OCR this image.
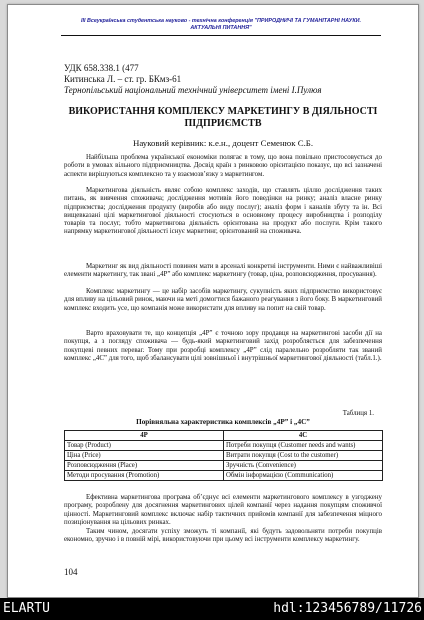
ІІІ Всеукраїнська студентська науково - технічна конференція "ПРИРОДНИЧІ ТА ГУМАНІТАРНІ НАУКИ.
АКТУАЛЬНІ ПИТАННЯ"
УДК 658.338.1 (477
Китинська Л. – ст. гр. БКмз-61
Тернопільський національний технічний університет імені І.Пулюя
ВИКОРИСТАННЯ КОМПЛЕКСУ МАРКЕТИНГУ В ДІЯЛЬНОСТІ
ПІДПРИЄМСТВ
Науковий керівник: к.е.н., доцент Семенюк С.Б.

Найбільша проблема української економіки полягає в тому, що вона повільно пристосовується до роботи в умовах вільного підприємництва. Досвід країн з ринковою орієнтацією показує, що всі зазначені аспекти вирішуються комплексно та у взаємозв’язку з маркетингом.

Маркетингова діяльність являє собою комплекс заходів, що ставлять ціллю дослідження таких питань, як вивчення споживача; дослідження мотивів його поведінки на ринку; аналіз власне ринку підприємства; дослідження продукту (виробів або виду послуг); аналіз форм і каналів збуту та ін. Всі вищевказані цілі маркетингової діяльності стосуються в основному процесу виробництва і розподілу товарів та послуг, тобто маркетингова діяльність орієнтована на продукт або послуги. Крім такого напрямку маркетингової діяльності існує маркетинг, орієнтований на споживача.

Маркетинг як вид діяльності повинен мати в арсеналі конкретні інструменти. Ними є найважливіші елементи маркетингу, так звані „4P” або комплекс маркетингу (товар, ціна, розповсюдження, просування).

Комплекс маркетингу — це набір засобів маркетингу, сукупність яких підприємство використовує для впливу на цільовий ринок, маючи на меті домогтися бажаного реагування з його боку. В маркетинговий комплекс входить усе, що компанія може використати для впливу на попит на свій товар.

Варто враховувати те, що концепція „4P” є точною зору продавця на маркетингові засоби дії на покупця, а з погляду споживача — будь-який маркетинговий захід розробляється для забезпечення покупцеві певних переваг. Тому при розробці комплексу „4P” слід паралельно розробляти так званий комплекс „4C” для того, щоб збалансувати цілі зовнішньої і внутрішньої маркетингової діяльності (табл.1.).

Таблиця 1.
Порівняльна характеристика комплексів „4Р” і „4С”
4Р	4С
Товар (Product)	Потреби покупця (Customer needs and wants)
Ціна (Price)	Витрати покупця (Cost to the customer)
Розповсюдження (Place)	Зручність (Convenience)
Методи просування (Promotion)	Обмін інформацією (Communication)

Ефективна маркетингова програма об’єднує всі елементи маркетингового комплексу в узгоджену програму, розроблену для досягнення маркетингових цілей компанії через надання покупцям споживчої цінності. Маркетинговий комплекс включає набір тактичних прийомів компанії для забезпечення міцного позиціонування на цільових ринках.

Таким чином, досягати успіху зможуть ті компанії, які будуть задовольняти потреби покупців економно, зручно і в повній мірі, використовуючи при цьому всі інструменти комплексу маркетингу.

104
ELARTU	hdl:123456789/11726
